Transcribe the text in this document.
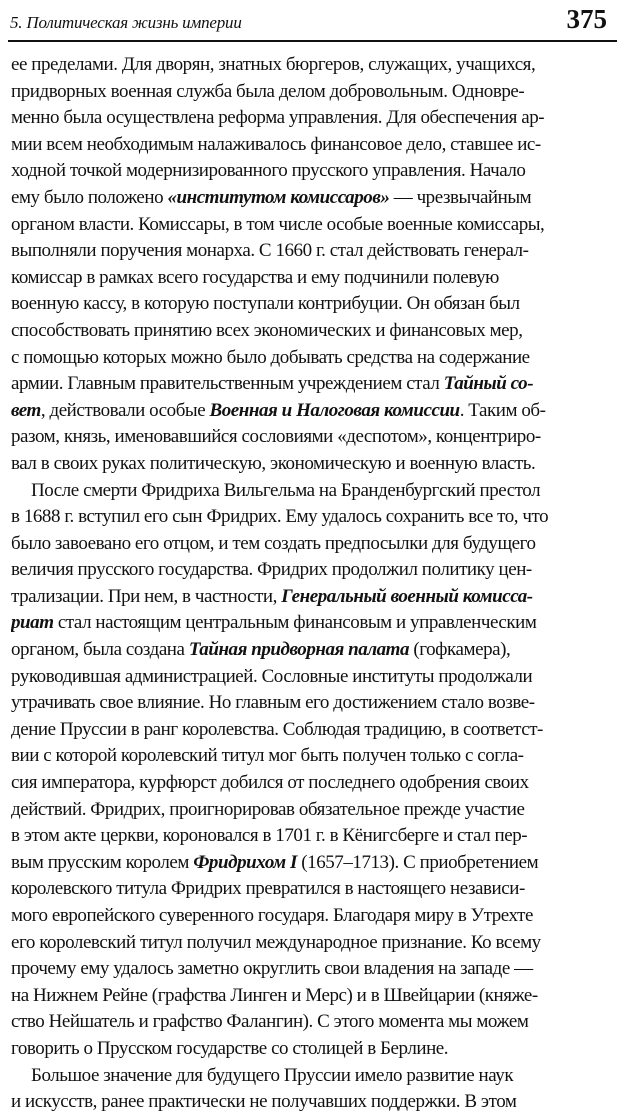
5. Политическая жизнь империи	375
ее пределами. Для дворян, знатных бюргеров, служащих, учащихся,
придворных военная служба была делом добровольным. Одновре-
менно была осуществлена реформа управления. Для обеспечения ар-
мии всем необходимым налаживалось финансовое дело, ставшее ис-
ходной точкой модернизированного прусского управления. Начало
ему было положено «институтом комиссаров» — чрезвычайным
органом власти. Комиссары, в том числе особые военные комиссары,
выполняли поручения монарха. С 1660 г. стал действовать генерал-
комиссар в рамках всего государства и ему подчинили полевую
военную кассу, в которую поступали контрибуции. Он обязан был
способствовать принятию всех экономических и финансовых мер,
с помощью которых можно было добывать средства на содержание
армии. Главным правительственным учреждением стал Тайный со-
вет, действовали особые Военная и Налоговая комиссии. Таким об-
разом, князь, именовавшийся сословиями «деспотом», концентриро-
вал в своих руках политическую, экономическую и военную власть.
После смерти Фридриха Вильгельма на Бранденбургский престол
в 1688 г. вступил его сын Фридрих. Ему удалось сохранить все то, что
было завоевано его отцом, и тем создать предпосылки для будущего
величия прусского государства. Фридрих продолжил политику цен-
трализации. При нем, в частности, Генеральный военный комисса-
риат стал настоящим центральным финансовым и управленческим
органом, была создана Тайная придворная палата (гофкамера),
руководившая администрацией. Сословные институты продолжали
утрачивать свое влияние. Но главным его достижением стало возве-
дение Пруссии в ранг королевства. Соблюдая традицию, в соответст-
вии с которой королевский титул мог быть получен только с согла-
сия императора, курфюрст добился от последнего одобрения своих
действий. Фридрих, проигнорировав обязательное прежде участие
в этом акте церкви, короновался в 1701 г. в Кёнигсберге и стал пер-
вым прусским королем Фридрихом I (1657–1713). С приобретением
королевского титула Фридрих превратился в настоящего независи-
мого европейского суверенного государя. Благодаря миру в Утрехте
его королевский титул получил международное признание. Ко всему
прочему ему удалось заметно округлить свои владения на западе —
на Нижнем Рейне (графства Линген и Мерс) и в Швейцарии (княже-
ство Нейшатель и графство Фалангин). С этого момента мы можем
говорить о Прусском государстве со столицей в Берлине.
Большое значение для будущего Пруссии имело развитие наук
и искусств, ранее практически не получавших поддержки. В этом
